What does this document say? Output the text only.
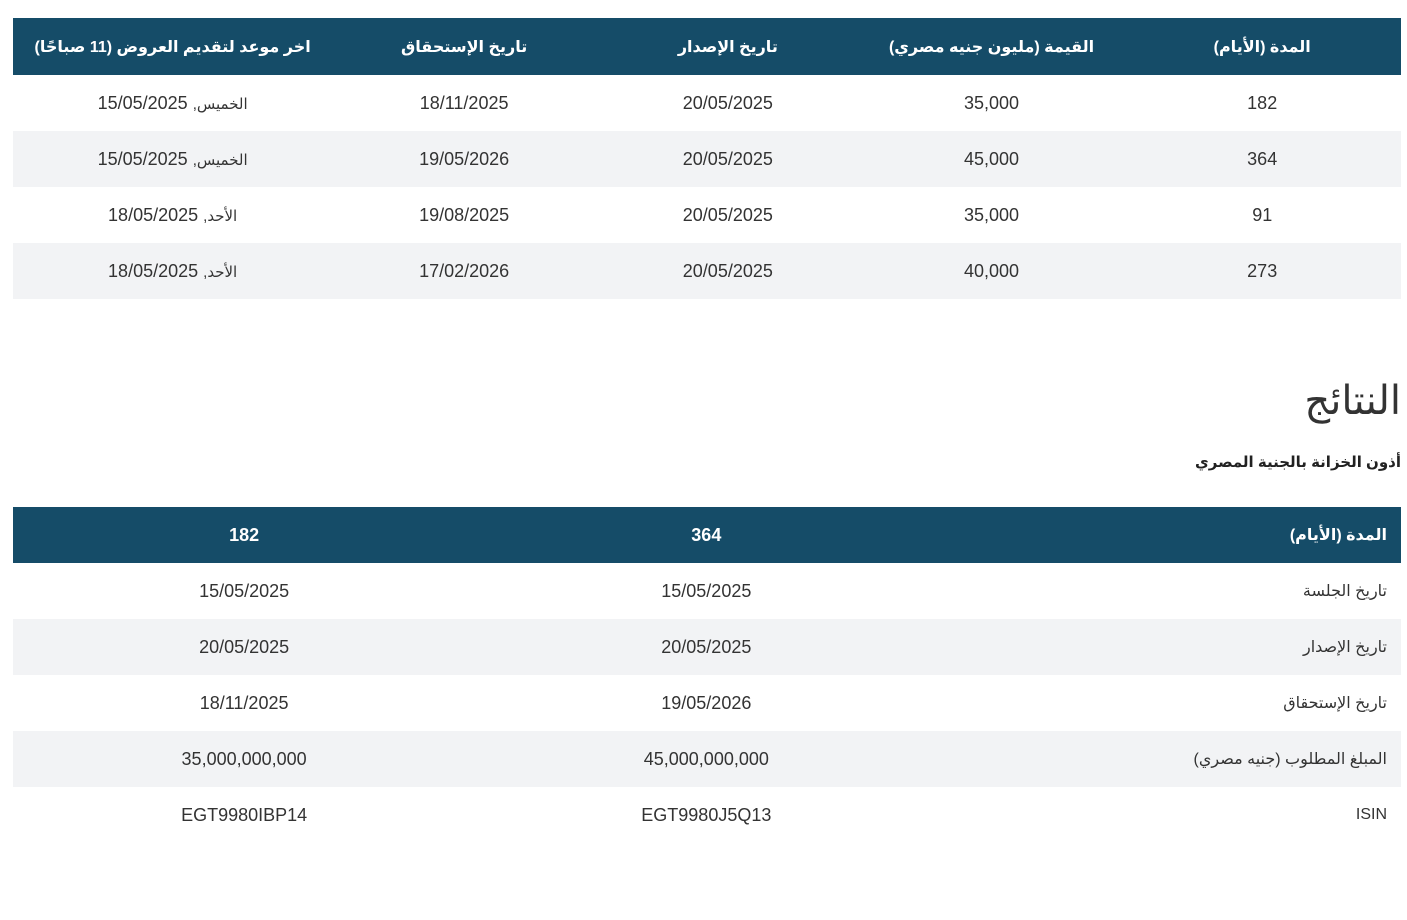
المدة (الأيام)	القيمة (مليون جنيه مصري)	تاريخ الإصدار	تاريخ الإستحقاق	اخر موعد لتقديم العروض (11 صباحًا)
182	35,000	20/05/2025	18/11/2025	الخميس, 15/05/2025
364	45,000	20/05/2025	19/05/2026	الخميس, 15/05/2025
91	35,000	20/05/2025	19/08/2025	الأحد, 18/05/2025
273	40,000	20/05/2025	17/02/2026	الأحد, 18/05/2025
النتائج

أذون الخزانة بالجنية المصري

المدة (الأيام)	364	182
تاريخ الجلسة	15/05/2025	15/05/2025
تاريخ الإصدار	20/05/2025	20/05/2025
تاريخ الإستحقاق	19/05/2026	18/11/2025
المبلغ المطلوب (جنيه مصري)	45,000,000,000	35,000,000,000
ISIN	EGT9980J5Q13	EGT9980IBP14
